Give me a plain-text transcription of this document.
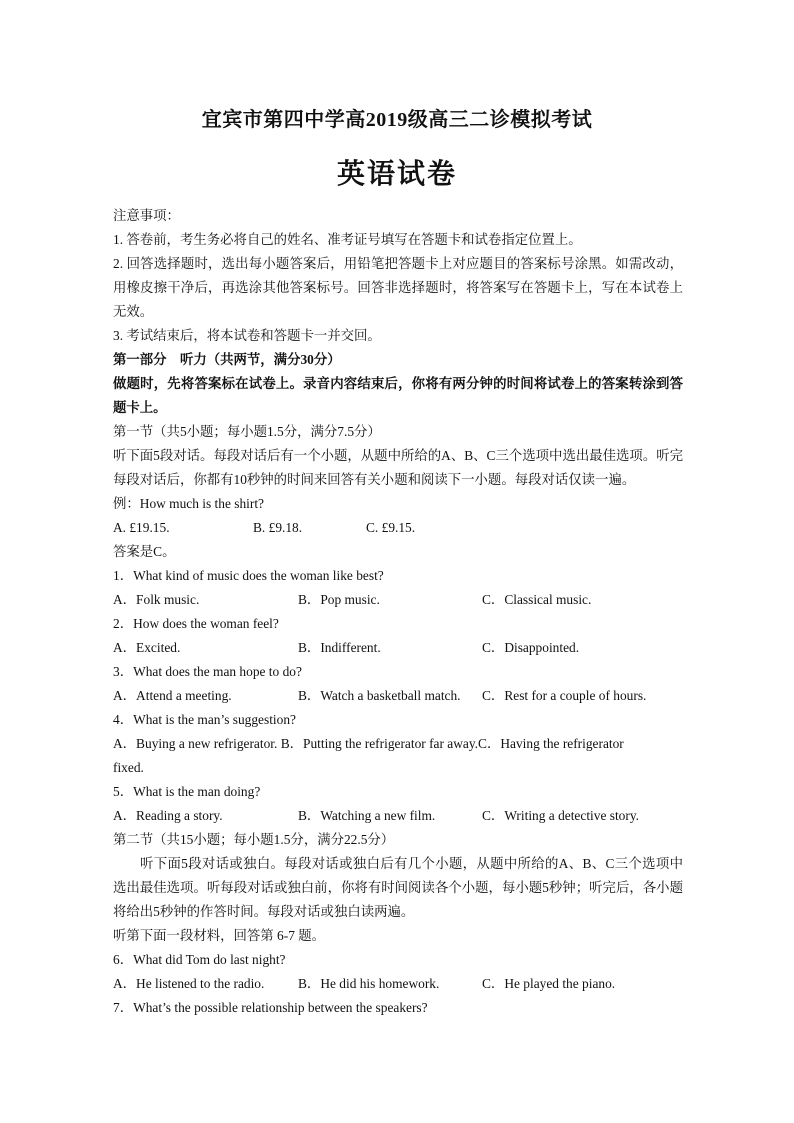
宜宾市第四中学高2019级高三二诊模拟考试
英语试卷
注意事项：
1. 答卷前，考生务必将自己的姓名、准考证号填写在答题卡和试卷指定位置上。
2. 回答选择题时，选出每小题答案后，用铅笔把答题卡上对应题目的答案标号涂黑。如需改动，用橡皮擦干净后，再选涂其他答案标号。回答非选择题时，将答案写在答题卡上，写在本试卷上无效。
3. 考试结束后，将本试卷和答题卡一并交回。
第一部分　听力（共两节，满分30分）
做题时，先将答案标在试卷上。录音内容结束后，你将有两分钟的时间将试卷上的答案转涂到答题卡上。
第一节（共5小题；每小题1.5分，满分7.5分）
听下面5段对话。每段对话后有一个小题，从题中所给的A、B、C三个选项中选出最佳选项。听完每段对话后，你都有10秒钟的时间来回答有关小题和阅读下一小题。每段对话仅读一遍。
例：How much is the shirt?
A. £19.15.	B. £9.18.	C. £9.15.
答案是C。
1．What kind of music does the woman like best?
A．Folk music.	B．Pop music.	C．Classical music.
2．How does the woman feel?
A．Excited.	B．Indifferent.	C．Disappointed.
3．What does the man hope to do?
A．Attend a meeting.	B．Watch a basketball match. C．Rest for a couple of hours.
4．What is the man’s suggestion?
A．Buying a new refrigerator. B．Putting the refrigerator far away.C．Having the refrigerator
fixed.
5．What is the man doing?
A．Reading a story.	B．Watching a new film.	C．Writing a detective story.
第二节（共15小题；每小题1.5分，满分22.5分）
听下面5段对话或独白。每段对话或独白后有几个小题，从题中所给的A、B、C三个选项中选出最佳选项。听每段对话或独白前，你将有时间阅读各个小题，每小题5秒钟；听完后，各小题将给出5秒钟的作答时间。每段对话或独白读两遍。
听第下面一段材料，回答第 6-7 题。
6．What did Tom do last night?
A．He listened to the radio.	B．He did his homework.	C．He played the piano.
7．What’s the possible relationship between the speakers?
